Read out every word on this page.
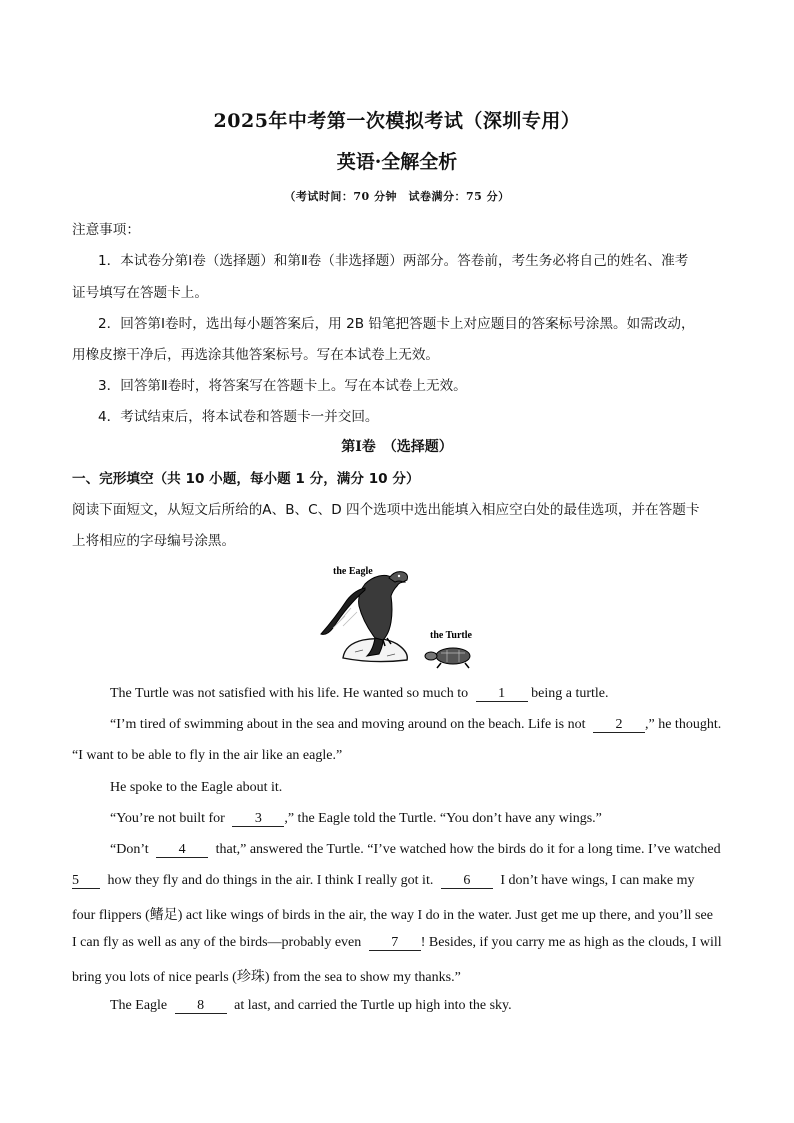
2025年中考第一次模拟考试（深圳专用）
英语·全解全析
（考试时间：70 分钟　试卷满分：75 分）
注意事项：
1．本试卷分第Ⅰ卷（选择题）和第Ⅱ卷（非选择题）两部分。答卷前，考生务必将自己的姓名、准考
证号填写在答题卡上。
2．回答第Ⅰ卷时，选出每小题答案后，用 2B 铅笔把答题卡上对应题目的答案标号涂黑。如需改动，
用橡皮擦干净后，再选涂其他答案标号。写在本试卷上无效。
3．回答第Ⅱ卷时，将答案写在答题卡上。写在本试卷上无效。
4．考试结束后，将本试卷和答题卡一并交回。
第Ⅰ卷　（选择题）
一、完形填空（共 10 小题，每小题 1 分，满分 10 分）
阅读下面短文，从短文后所给的A、B、C、D 四个选项中选出能填入相应空白处的最佳选项，并在答题卡
上将相应的字母编号涂黑。
the Eagle
the Turtle
The Turtle was not satisfied with his life. He wanted so much to 1 being a turtle.
“I’m tired of swimming about in the sea and moving around on the beach. Life is not 2 ,” he thought.
“I want to be able to fly in the air like an eagle.”
He spoke to the Eagle about it.
“You’re not built for 3 ,” the Eagle told the Turtle. “You don’t have any wings.”
“Don’t 4 that,” answered the Turtle. “I’ve watched how the birds do it for a long time. I’ve watched
5 how they fly and do things in the air. I think I really got it. 6 I don’t have wings, I can make my
four flippers (鳍足) act like wings of birds in the air, the way I do in the water. Just get me up there, and you’ll see
I can fly as well as any of the birds—probably even 7 ! Besides, if you carry me as high as the clouds, I will
bring you lots of nice pearls (珍珠) from the sea to show my thanks.”
The Eagle 8 at last, and carried the Turtle up high into the sky.
